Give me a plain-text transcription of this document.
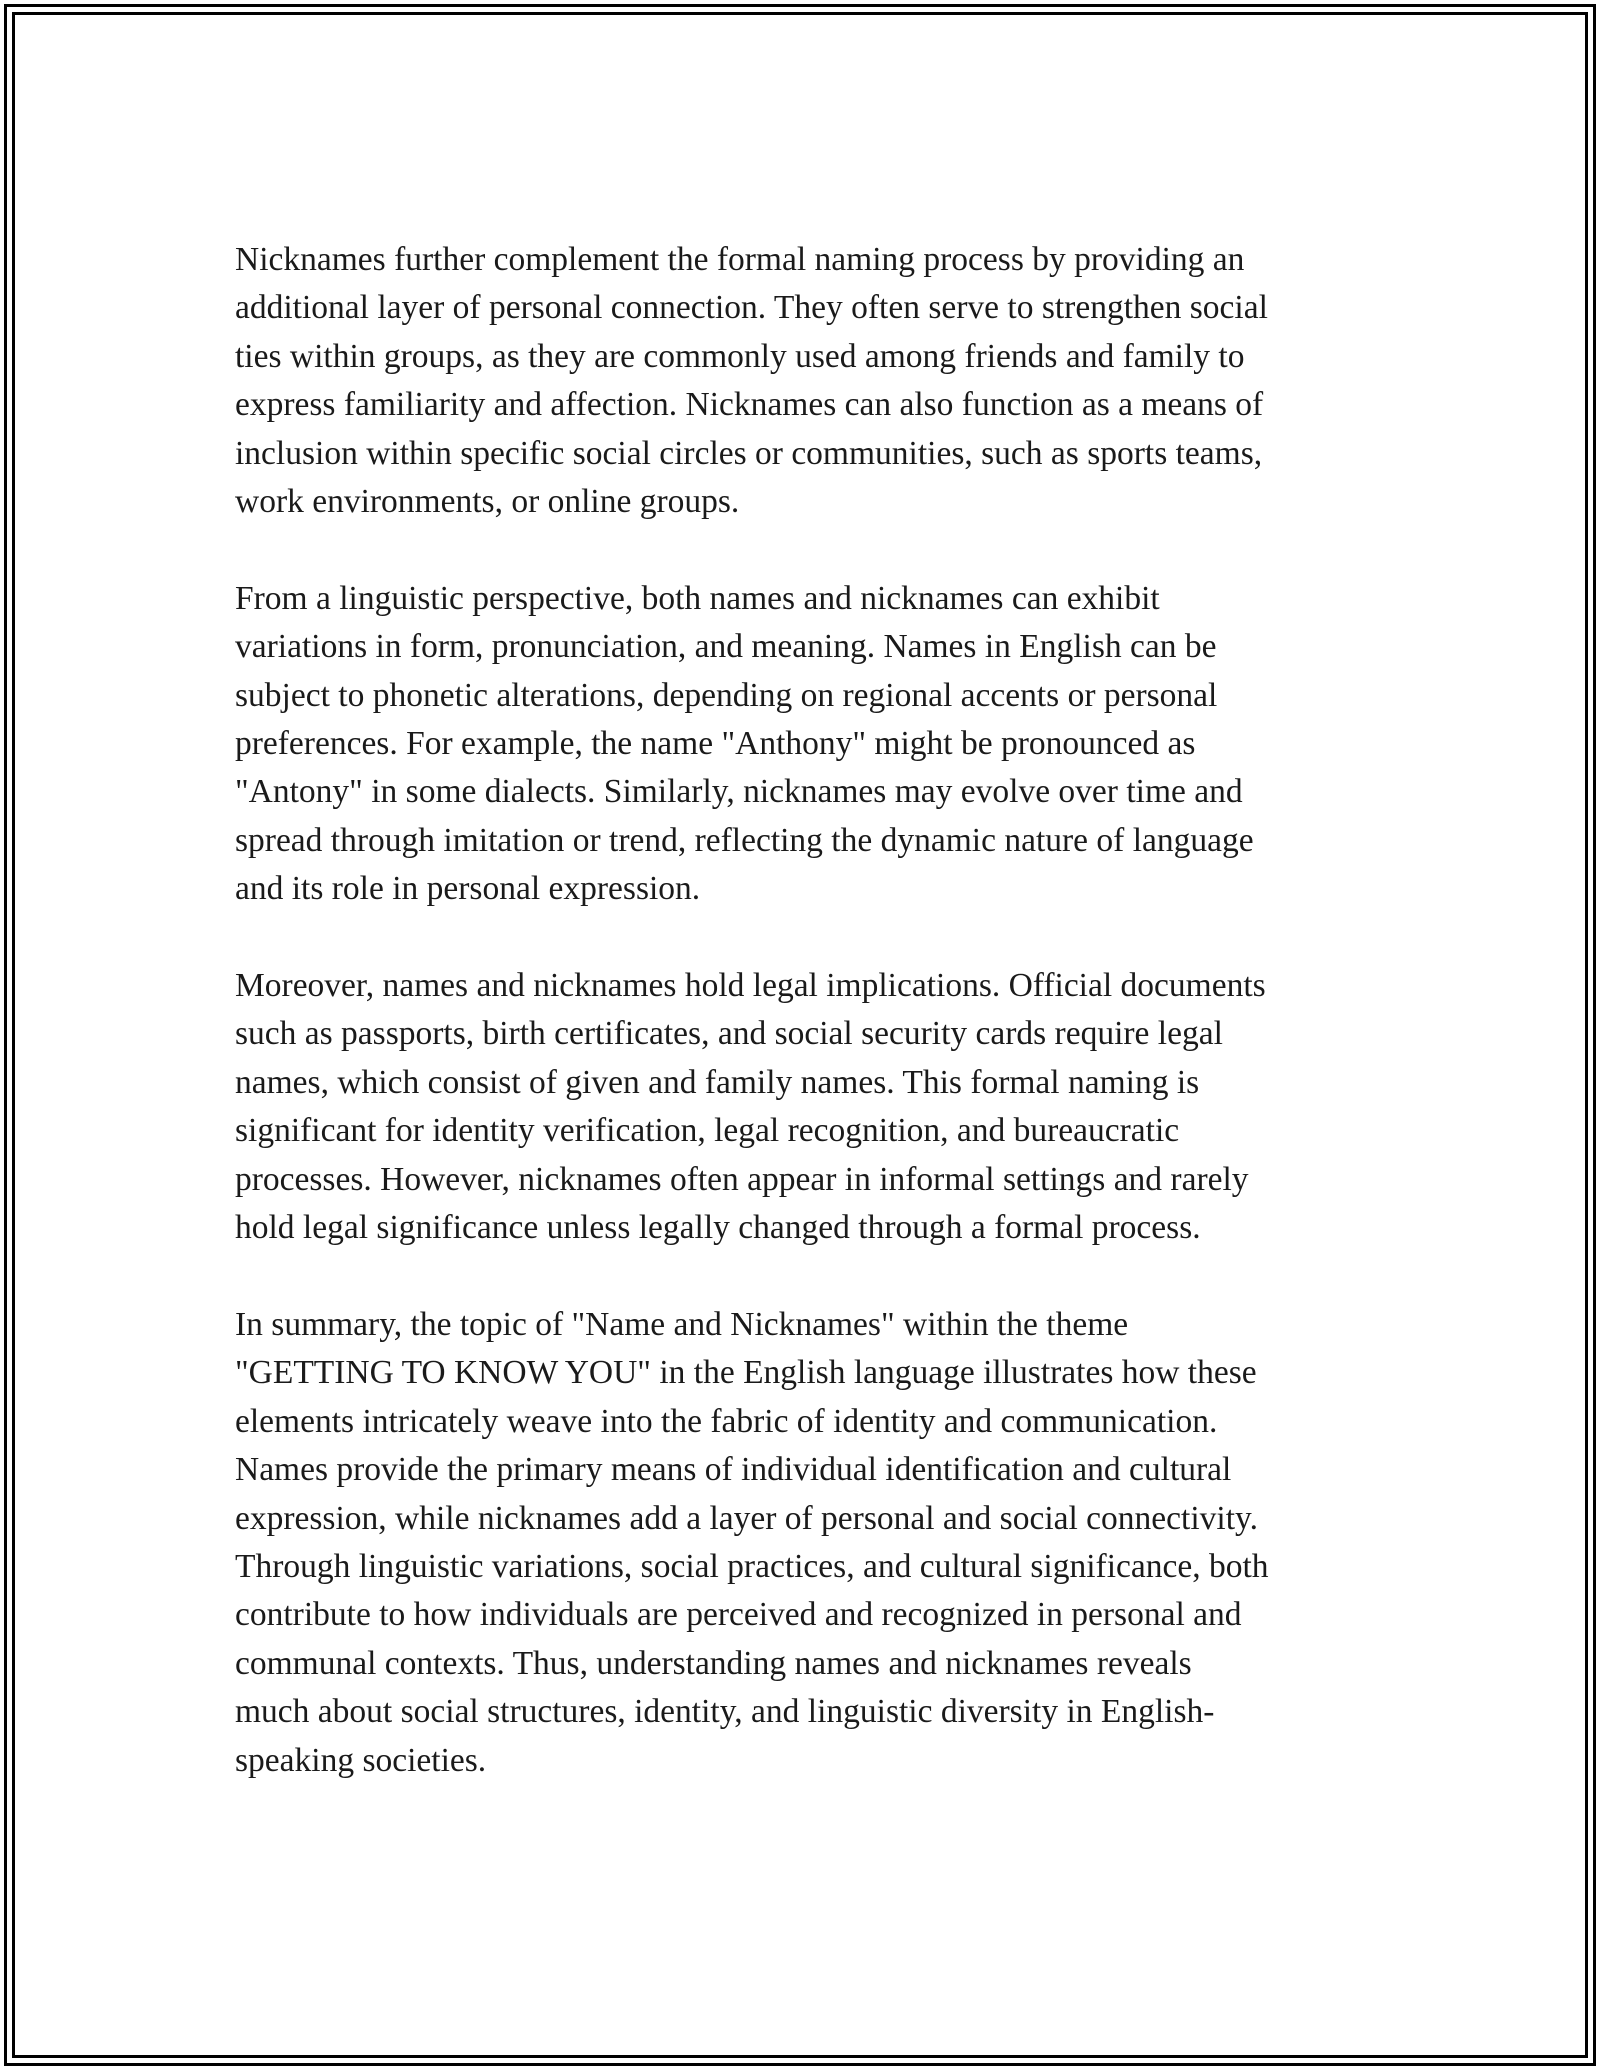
Nicknames further complement the formal naming process by providing an
additional layer of personal connection. They often serve to strengthen social
ties within groups, as they are commonly used among friends and family to
express familiarity and affection. Nicknames can also function as a means of
inclusion within specific social circles or communities, such as sports teams,
work environments, or online groups.

From a linguistic perspective, both names and nicknames can exhibit
variations in form, pronunciation, and meaning. Names in English can be
subject to phonetic alterations, depending on regional accents or personal
preferences. For example, the name "Anthony" might be pronounced as
"Antony" in some dialects. Similarly, nicknames may evolve over time and
spread through imitation or trend, reflecting the dynamic nature of language
and its role in personal expression.

Moreover, names and nicknames hold legal implications. Official documents
such as passports, birth certificates, and social security cards require legal
names, which consist of given and family names. This formal naming is
significant for identity verification, legal recognition, and bureaucratic
processes. However, nicknames often appear in informal settings and rarely
hold legal significance unless legally changed through a formal process.

In summary, the topic of "Name and Nicknames" within the theme
"GETTING TO KNOW YOU" in the English language illustrates how these
elements intricately weave into the fabric of identity and communication.
Names provide the primary means of individual identification and cultural
expression, while nicknames add a layer of personal and social connectivity.
Through linguistic variations, social practices, and cultural significance, both
contribute to how individuals are perceived and recognized in personal and
communal contexts. Thus, understanding names and nicknames reveals
much about social structures, identity, and linguistic diversity in English-
speaking societies.
